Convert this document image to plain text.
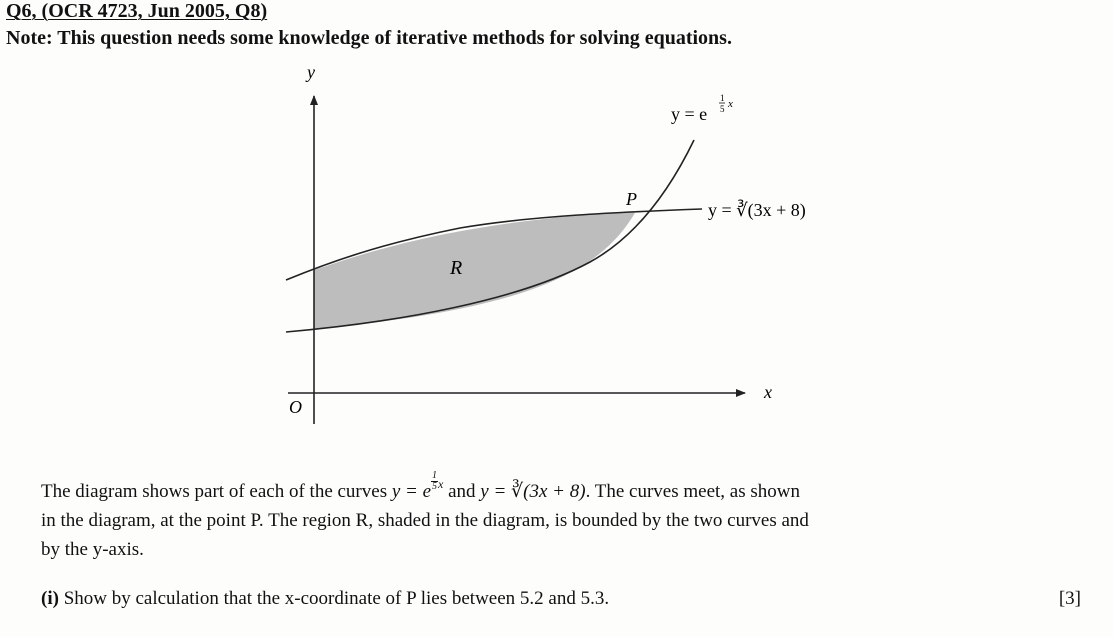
Q6, (OCR 4723, Jun 2005, Q8)
Note: This question needs some knowledge of iterative methods for solving equations.
y
x
O
P
R
y = e
1
5 x
y = ∛(3x + 8)

The diagram shows part of each of the curves y = e $^{\frac{1}{5}}$ $^x$ and y = ∛(3x + 8). The curves meet, as shown

in the diagram, at the point P. The region R, shaded in the diagram, is bounded by the two curves and

by the y-axis.

(i) Show by calculation that the x-coordinate of P lies between 5.2 and 5.3.	[3]
